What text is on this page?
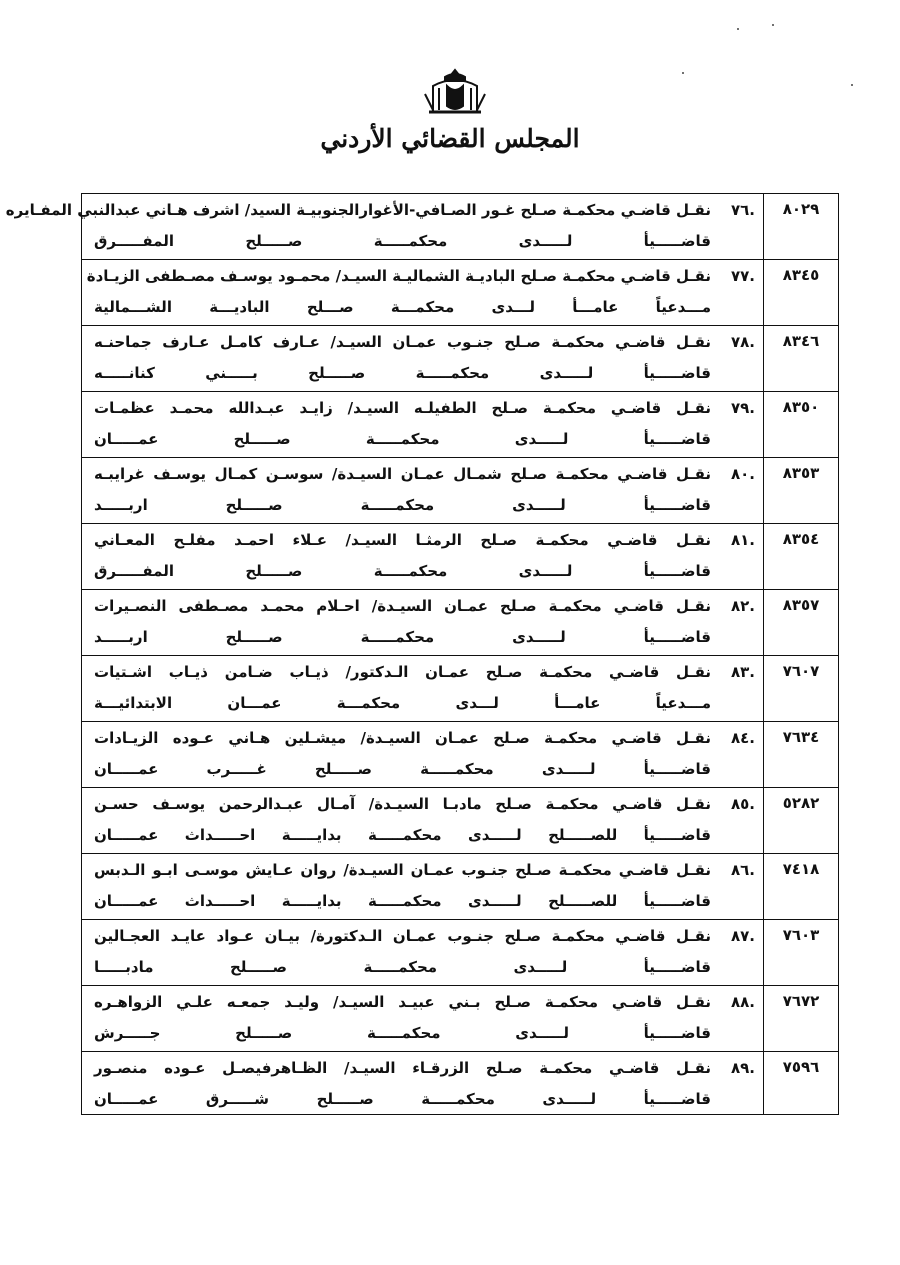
المجلس القضائي الأردني
٨٠٢٩	.٧٦
نقـل قاضـي محكمـة صـلح غـور الصـافي-الأغوارالجنوبيـة السيد/ اشرف هـاني عبدالنبي المفـايره
قاضـــــيأ لـــــدى محكمـــــة صـــــلح المفـــــرق

٨٣٤٥	.٧٧
نقـل قاضـي محكمـة صـلح الباديـة الشماليـة السيـد/ محمـود يوسـف مصـطفى الزيـادة
مـــدعياً عامـــأ لـــدى محكمـــة صـــلح الباديـــة الشـــمالية

٨٣٤٦	.٧٨
نقـل قاضـي محكمـة صـلح جنـوب عمـان السيـد/ عـارف كامـل عـارف جماحنـه
قاضـــــيأ لـــــدى محكمـــــة صـــــلح بـــــني كنانـــــه

٨٣٥٠	.٧٩
نقـل قاضـي محكمـة صـلح الطفيلـه السيـد/ زايـد عبـدالله محمـد عظمـات
قاضـــــيأ لـــــدى محكمـــــة صـــــلح عمـــــان

٨٣٥٣	.٨٠
نقـل قاضـي محكمـة صـلح شمـال عمـان السيـدة/ سوسـن كمـال يوسـف غرايبـه
قاضـــــيأ لـــــدى محكمـــــة صـــــلح اربـــــد

٨٣٥٤	.٨١
نقـل قاضـي محكمـة صـلح الرمثـا السيـد/ عـلاء احمـد مفلـح المعـاني
قاضـــــيأ لـــــدى محكمـــــة صـــــلح المفـــــرق

٨٣٥٧	.٨٢
نقـل قاضـي محكمـة صـلح عمـان السيـدة/ احـلام محمـد مصـطفى النصـيرات
قاضـــــيأ لـــــدى محكمـــــة صـــــلح اربـــــد

٧٦٠٧	.٨٣
نقـل قاضـي محكمـة صـلح عمـان الـدكتور/ ذيـاب ضـامن ذيـاب اشـتيات
مـــدعياً عامـــأ لـــدى محكمـــة عمـــان الابتدائيـــة

٧٦٣٤	.٨٤
نقـل قاضـي محكمـة صـلح عمـان السيـدة/ ميشـلين هـاني عـوده الزيـادات
قاضـــــيأ لـــــدى محكمـــــة صـــــلح غـــــرب عمـــــان

٥٢٨٢	.٨٥
نقـل قاضـي محكمـة صـلح مادبـا السيـدة/ آمـال عبـدالرحمن يوسـف حسـن
قاضـــــيأ للصـــــلح لـــــدى محكمـــــة بدايـــــة احـــــداث عمـــــان

٧٤١٨	.٨٦
نقـل قاضـي محكمـة صـلح جنـوب عمـان السيـدة/ روان عـايش موسـى ابـو الـدبس
قاضـــــيأ للصـــــلح لـــــدى محكمـــــة بدايـــــة احـــــداث عمـــــان

٧٦٠٣	.٨٧
نقـل قاضـي محكمـة صـلح جنـوب عمـان الـدكتورة/ بيـان عـواد عايـد العجـالين
قاضـــــيأ لـــــدى محكمـــــة صـــــلح مادبـــــا

٧٦٧٢	.٨٨
نقـل قاضـي محكمـة صـلح بـني عبيـد السيـد/ وليـد جمعـه علـي الزواهـره
قاضـــــيأ لـــــدى محكمـــــة صـــــلح جـــــرش

٧٥٩٦	.٨٩
نقـل قاضـي محكمـة صـلح الزرقـاء السيـد/ الظـاهرفيصـل عـوده منصـور
قاضـــــيأ لـــــدى محكمـــــة صـــــلح شـــــرق عمـــــان
